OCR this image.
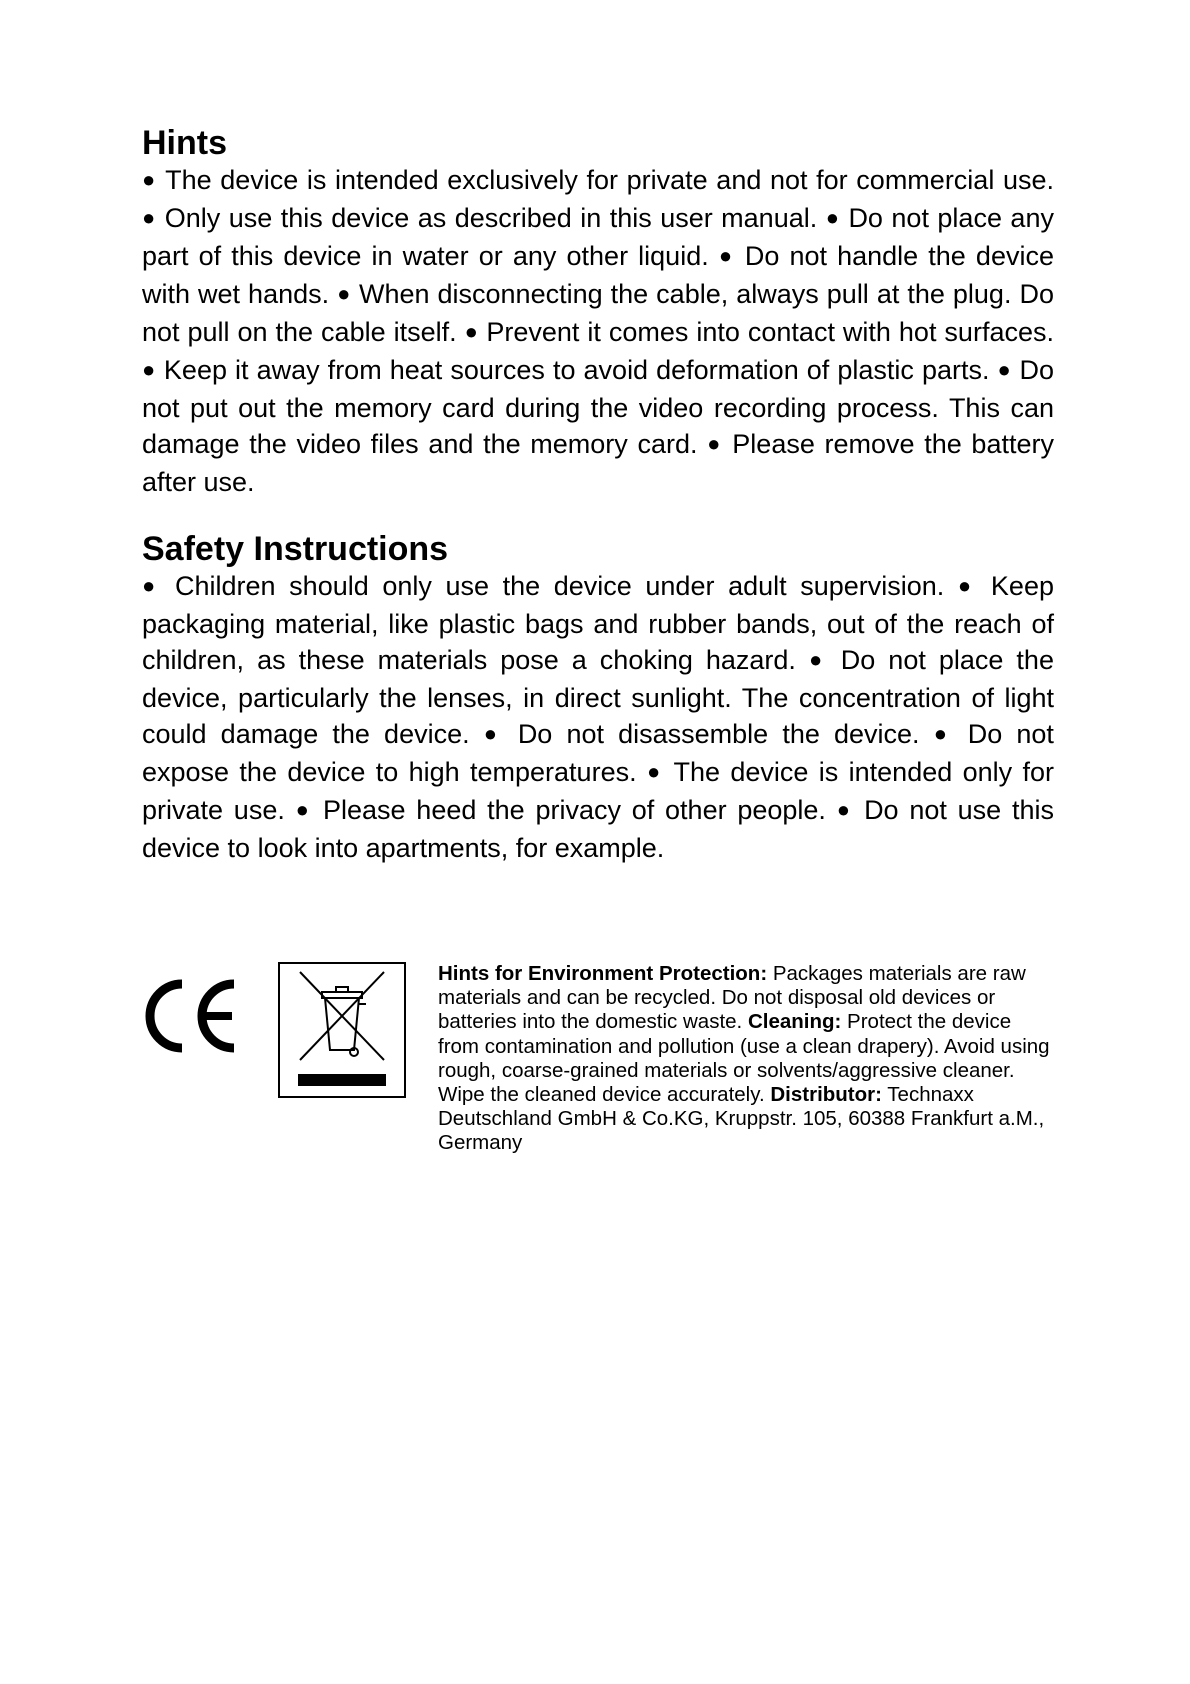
Hints

● The device is intended exclusively for private and not for commercial use. ● Only use this device as described in this user manual. ● Do not place any part of this device in water or any other liquid. ● Do not handle the device with wet hands. ● When disconnecting the cable, always pull at the plug. Do not pull on the cable itself. ● Prevent it comes into contact with hot surfaces. ● Keep it away from heat sources to avoid deformation of plastic parts. ● Do not put out the memory card during the video recording process. This can damage the video files and the memory card. ● Please remove the battery after use.

Safety Instructions

● Children should only use the device under adult supervision. ● Keep packaging material, like plastic bags and rubber bands, out of the reach of children, as these materials pose a choking hazard. ● Do not place the device, particularly the lenses, in direct sunlight. The concentration of light could damage the device. ● Do not disassemble the device. ● Do not expose the device to high temperatures. ● The device is intended only for private use. ● Please heed the privacy of other people. ● Do not use this device to look into apartments, for example.

Hints for Environment Protection: Packages materials are raw materials and can be recycled. Do not disposal old devices or batteries into the domestic waste. Cleaning: Protect the device from contamination and pollution (use a clean drapery). Avoid using rough, coarse-grained materials or solvents/aggressive cleaner. Wipe the cleaned device accurately. Distributor: Technaxx Deutschland GmbH & Co.KG, Kruppstr. 105, 60388 Frankfurt a.M., Germany
